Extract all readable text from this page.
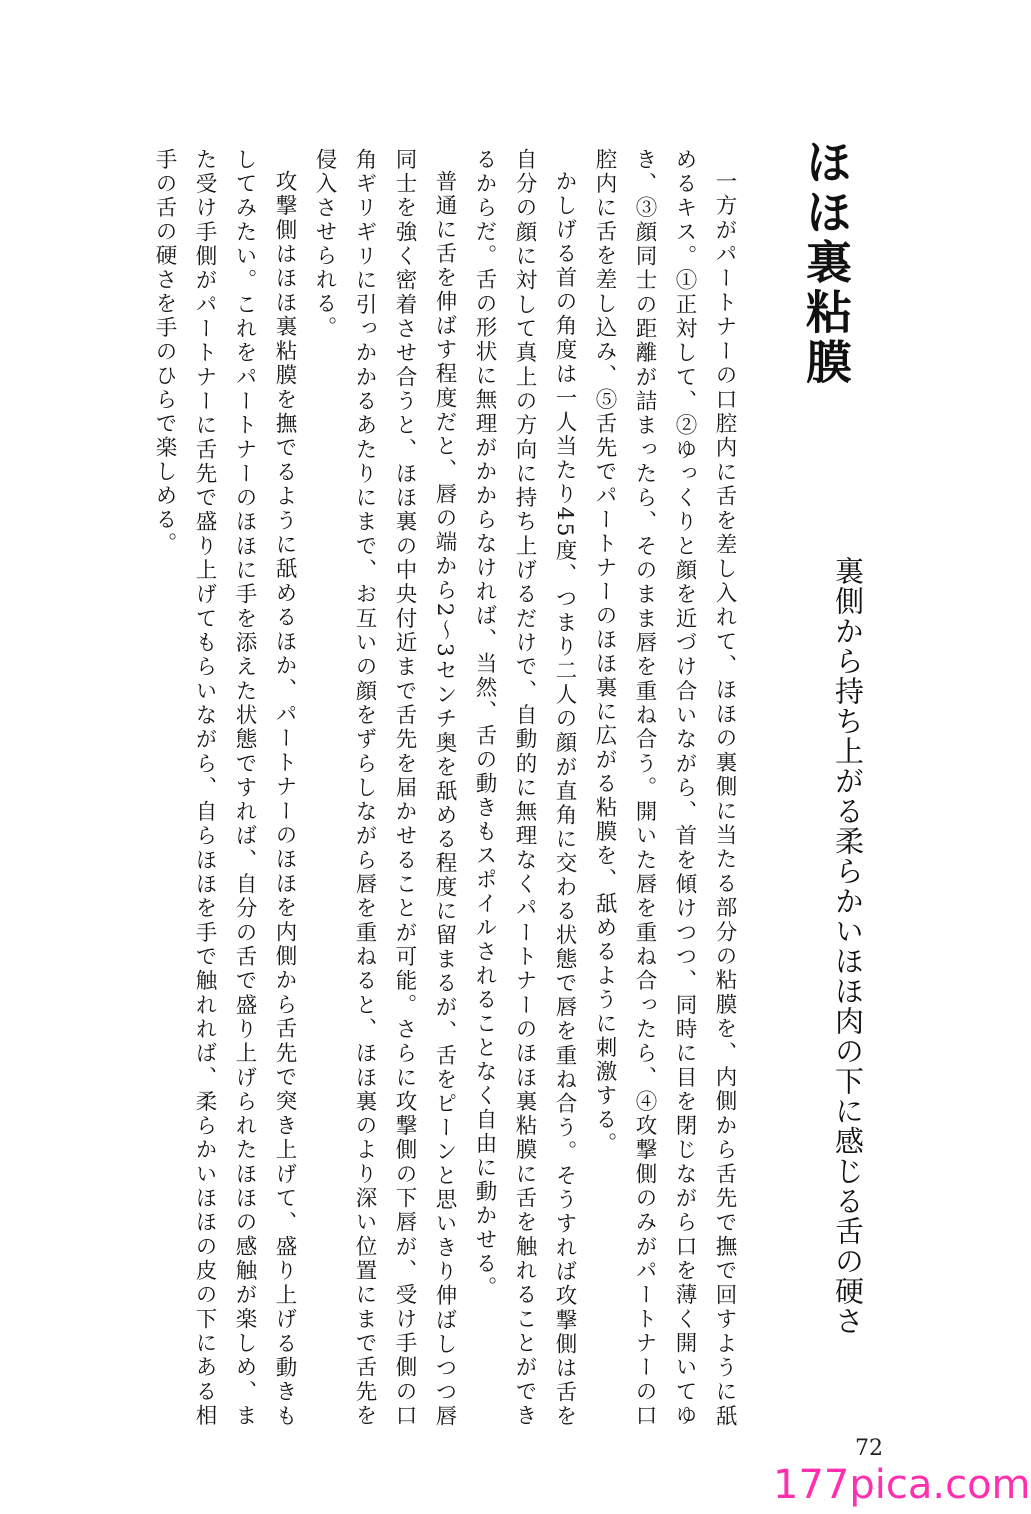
ほほ裏粘膜
裏側から持ち上がる柔らかいほほ肉の下に感じる舌の硬さ

一方がパートナーの口腔内に舌を差し入れて、ほほの裏側に当たる部分の粘膜を、内側から舌先で撫で回すように舐めるキス。①正対して、②ゆっくりと顔を近づけ合いながら、首を傾けつつ、同時に目を閉じながら口を薄く開いてゆき、③顔同士の距離が詰まったら、そのまま唇を重ね合う。開いた唇を重ね合ったら、④攻撃側のみがパートナーの口腔内に舌を差し込み、⑤舌先でパートナーのほほ裏に広がる粘膜を、舐めるように刺激する。

かしげる首の角度は一人当たり45度、つまり二人の顔が直角に交わる状態で唇を重ね合う。そうすれば攻撃側は舌を自分の顔に対して真上の方向に持ち上げるだけで、自動的に無理なくパートナーのほほ裏粘膜に舌を触れることができるからだ。舌の形状に無理がかからなければ、当然、舌の動きもスポイルされることなく自由に動かせる。

普通に舌を伸ばす程度だと、唇の端から2～3センチ奥を舐める程度に留まるが、舌をピーンと思いきり伸ばしつつ唇同士を強く密着させ合うと、ほほ裏の中央付近まで舌先を届かせることが可能。さらに攻撃側の下唇が、受け手側の口角ギリギリに引っかかるあたりにまで、お互いの顔をずらしながら唇を重ねると、ほほ裏のより深い位置にまで舌先を侵入させられる。

攻撃側はほほ裏粘膜を撫でるように舐めるほか、パートナーのほほを内側から舌先で突き上げて、盛り上げる動きもしてみたい。これをパートナーのほほに手を添えた状態ですれば、自分の舌で盛り上げられたほほの感触が楽しめ、また受け手側がパートナーに舌先で盛り上げてもらいながら、自らほほを手で触れれば、柔らかいほほの皮の下にある相手の舌の硬さを手のひらで楽しめる。

72
177pica.com
